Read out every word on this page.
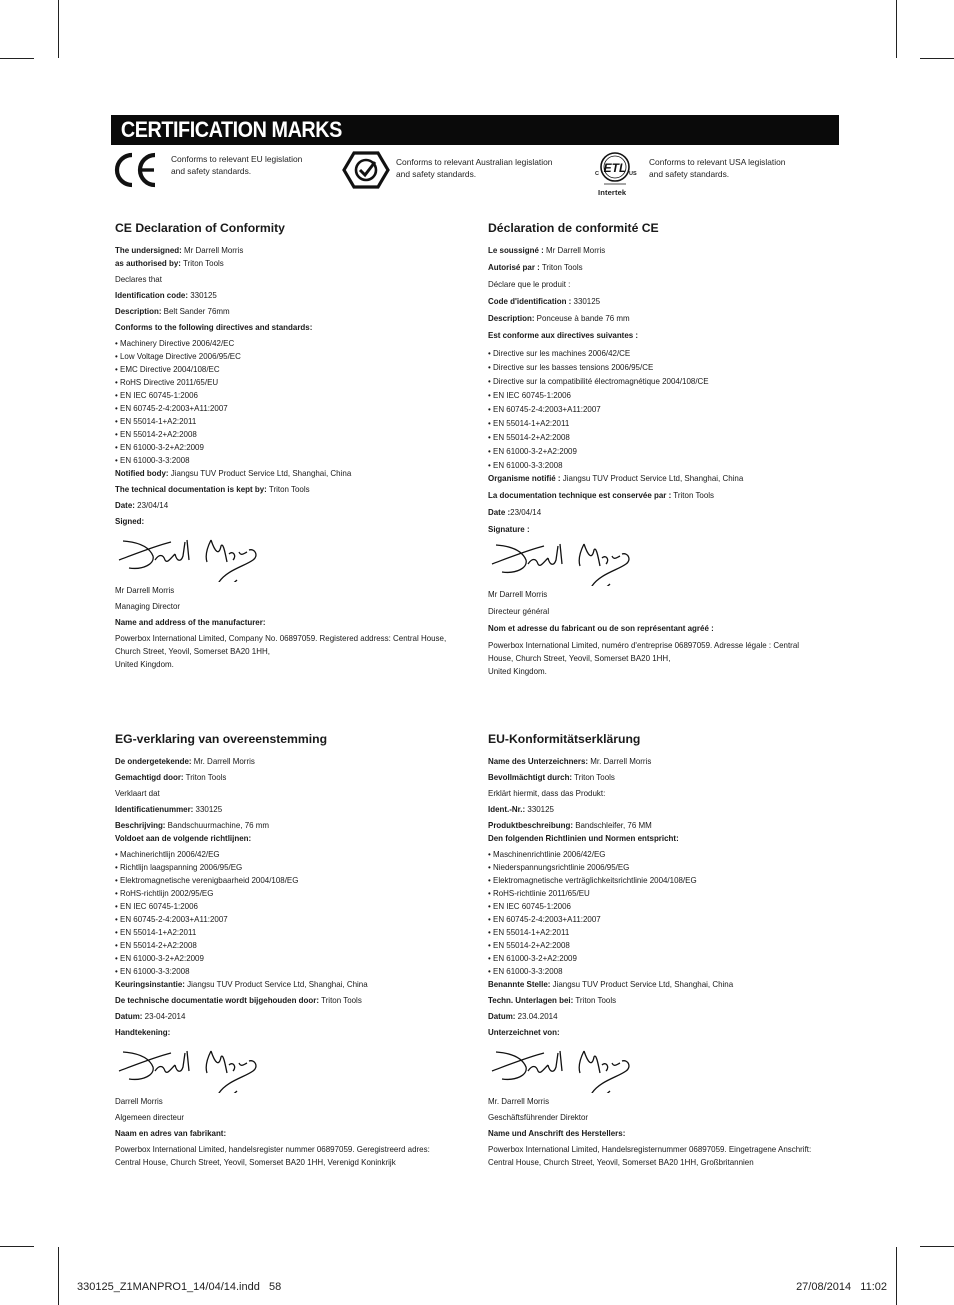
CERTIFICATION MARKS
Conforms to relevant EU legislation
and safety standards.
Conforms to relevant Australian legislation
and safety standards.	ETL
C	US
Intertek
Conforms to relevant USA legislation
and safety standards.
CE Declaration of Conformity

The undersigned: Mr Darrell Morris

as authorised by: Triton Tools

Declares that

Identification code: 330125

Description: Belt Sander 76mm

Conforms to the following directives and standards:

• Machinery Directive 2006/42/EC
• Low Voltage Directive 2006/95/EC
• EMC Directive 2004/108/EC
• RoHS Directive 2011/65/EU
• EN IEC 60745-1:2006
• EN 60745-2-4:2003+A11:2007
• EN 55014-1+A2:2011
• EN 55014-2+A2:2008
• EN 61000-3-2+A2:2009
• EN 61000-3-3:2008

Notified body: Jiangsu TUV Product Service Ltd, Shanghai, China

The technical documentation is kept by: Triton Tools

Date: 23/04/14

Signed:

Mr Darrell Morris

Managing Director

Name and address of the manufacturer:

Powerbox International Limited, Company No. 06897059. Registered address: Central House,

Church Street, Yeovil, Somerset BA20 1HH,

United Kingdom.

Déclaration de conformité CE

Le soussigné : Mr Darrell Morris

Autorisé par : Triton Tools

Déclare que le produit :

Code d'identification : 330125

Description: Ponceuse à bande 76 mm

Est conforme aux directives suivantes :

• Directive sur les machines 2006/42/CE
• Directive sur les basses tensions 2006/95/CE
• Directive sur la compatibilité électromagnétique 2004/108/CE
• EN IEC 60745-1:2006
• EN 60745-2-4:2003+A11:2007
• EN 55014-1+A2:2011
• EN 55014-2+A2:2008
• EN 61000-3-2+A2:2009
• EN 61000-3-3:2008

Organisme notifié : Jiangsu TUV Product Service Ltd, Shanghai, China

La documentation technique est conservée par : Triton Tools

Date :23/04/14

Signature :

Mr Darrell Morris

Directeur général

Nom et adresse du fabricant ou de son représentant agréé :

Powerbox International Limited, numéro d'entreprise 06897059. Adresse légale : Central

House, Church Street, Yeovil, Somerset BA20 1HH,

United Kingdom.

EG-verklaring van overeenstemming

De ondergetekende: Mr. Darrell Morris

Gemachtigd door: Triton Tools

Verklaart dat

Identificatienummer: 330125

Beschrijving: Bandschuurmachine, 76 mm

Voldoet aan de volgende richtlijnen:

• Machinerichtlijn 2006/42/EG
• Richtlijn laagspanning 2006/95/EG
• Elektromagnetische verenigbaarheid 2004/108/EG
• RoHS-richtlijn 2002/95/EG
• EN IEC 60745-1:2006
• EN 60745-2-4:2003+A11:2007
• EN 55014-1+A2:2011
• EN 55014-2+A2:2008
• EN 61000-3-2+A2:2009
• EN 61000-3-3:2008

Keuringsinstantie: Jiangsu TUV Product Service Ltd, Shanghai, China

De technische documentatie wordt bijgehouden door: Triton Tools

Datum: 23-04-2014

Handtekening:

Darrell Morris

Algemeen directeur

Naam en adres van fabrikant:

Powerbox International Limited, handelsregister nummer 06897059. Geregistreerd adres:

Central House, Church Street, Yeovil, Somerset BA20 1HH, Verenigd Koninkrijk

EU-Konformitätserklärung

Name des Unterzeichners: Mr. Darrell Morris

Bevollmächtigt durch: Triton Tools

Erklärt hiermit, dass das Produkt:

Ident.-Nr.: 330125

Produktbeschreibung: Bandschleifer, 76 MM

Den folgenden Richtlinien und Normen entspricht:

• Maschinenrichtlinie 2006/42/EG
• Niederspannungsrichtlinie 2006/95/EG
• Elektromagnetische verträglichkeitsrichtlinie 2004/108/EG
• RoHS-richtlinie 2011/65/EU
• EN IEC 60745-1:2006
• EN 60745-2-4:2003+A11:2007
• EN 55014-1+A2:2011
• EN 55014-2+A2:2008
• EN 61000-3-2+A2:2009
• EN 61000-3-3:2008

Benannte Stelle: Jiangsu TUV Product Service Ltd, Shanghai, China

Techn. Unterlagen bei: Triton Tools

Datum: 23.04.2014

Unterzeichnet von:

Mr. Darrell Morris

Geschäftsführender Direktor

Name und Anschrift des Herstellers:

Powerbox International Limited, Handelsregisternummer 06897059. Eingetragene Anschrift:

Central House, Church Street, Yeovil, Somerset BA20 1HH, Großbritannien

330125_Z1MANPRO1_14/04/14.indd   58	27/08/2014   11:02
